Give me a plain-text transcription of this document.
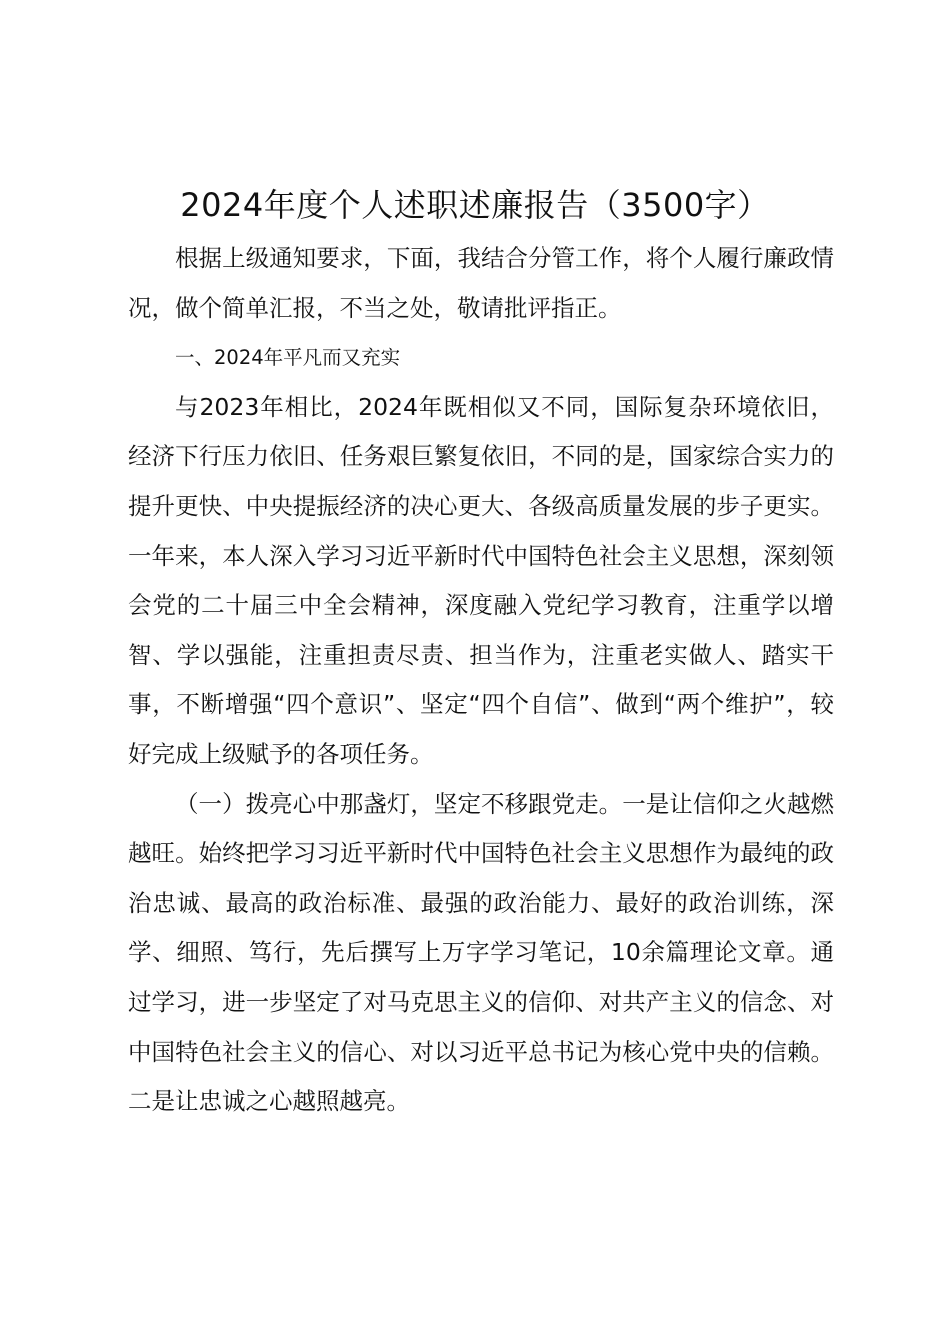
2024年度个人述职述廉报告（3500字）

根据上级通知要求，下面，我结合分管工作，将个人履行廉政情况，做个简单汇报，不当之处，敬请批评指正。

一、2024年平凡而又充实

与2023年相比，2024年既相似又不同，国际复杂环境依旧，经济下行压力依旧、任务艰巨繁复依旧，不同的是，国家综合实力的提升更快、中央提振经济的决心更大、各级高质量发展的步子更实。一年来，本人深入学习习近平新时代中国特色社会主义思想，深刻领会党的二十届三中全会精神，深度融入党纪学习教育，注重学以增智、学以强能，注重担责尽责、担当作为，注重老实做人、踏实干事，不断增强“四个意识”、坚定“四个自信”、做到“两个维护”，较好完成上级赋予的各项任务。

（一）拨亮心中那盏灯，坚定不移跟党走。一是让信仰之火越燃越旺。始终把学习习近平新时代中国特色社会主义思想作为最纯的政治忠诚、最高的政治标准、最强的政治能力、最好的政治训练，深学、细照、笃行，先后撰写上万字学习笔记，10余篇理论文章。通过学习，进一步坚定了对马克思主义的信仰、对共产主义的信念、对中国特色社会主义的信心、对以习近平总书记为核心党中央的信赖。二是让忠诚之心越照越亮。
